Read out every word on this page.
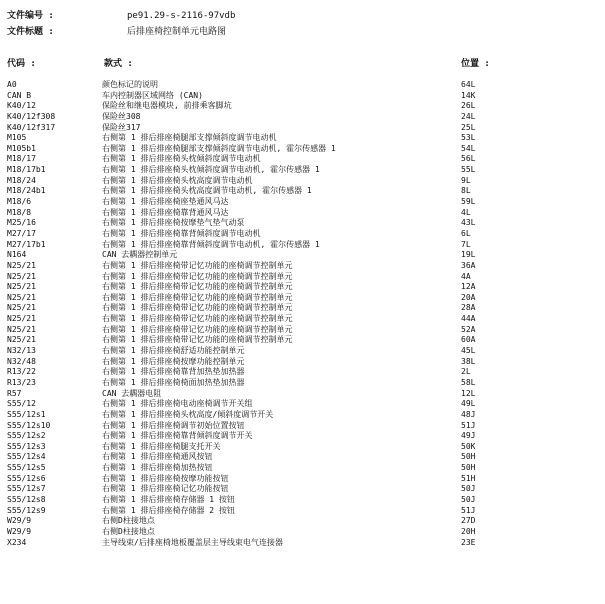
文件编号 :	pe91.29-s-2116-97vdb
文件标题 :	后排座椅控制单元电路图
代码 :	款式 :	位置 :
A0	颜色标记的说明	64L
CAN B	车内控制器区域网络 (CAN)	14K
K40/12	保险丝和继电器模块, 前排乘客脚坑	26L
K40/12f308	保险丝308	24L
K40/12f317	保险丝317	25L
M105	右侧第 1 排后排座椅腿部支撑倾斜度调节电动机	53L
M105b1	右侧第 1 排后排座椅腿部支撑倾斜度调节电动机, 霍尔传感器 1	54L
M18/17	右侧第 1 排后排座椅头枕倾斜度调节电动机	56L
M18/17b1	右侧第 1 排后排座椅头枕倾斜度调节电动机, 霍尔传感器 1	55L
M18/24	右侧第 1 排后排座椅头枕高度调节电动机	9L
M18/24b1	右侧第 1 排后排座椅头枕高度调节电动机, 霍尔传感器 1	8L
M18/6	右侧第 1 排后排座椅座垫通风马达	59L
M18/8	右侧第 1 排后排座椅靠背通风马达	4L
M25/16	右侧第 1 排后排座椅按摩垫气垫气动泵	43L
M27/17	右侧第 1 排后排座椅靠背倾斜度调节电动机	6L
M27/17b1	右侧第 1 排后排座椅靠背倾斜度调节电动机, 霍尔传感器 1	7L
N164	CAN 去耦器控制单元	19L
N25/21	右侧第 1 排后排座椅带记忆功能的座椅调节控制单元	36A
N25/21	右侧第 1 排后排座椅带记忆功能的座椅调节控制单元	4A
N25/21	右侧第 1 排后排座椅带记忆功能的座椅调节控制单元	12A
N25/21	右侧第 1 排后排座椅带记忆功能的座椅调节控制单元	20A
N25/21	右侧第 1 排后排座椅带记忆功能的座椅调节控制单元	28A
N25/21	右侧第 1 排后排座椅带记忆功能的座椅调节控制单元	44A
N25/21	右侧第 1 排后排座椅带记忆功能的座椅调节控制单元	52A
N25/21	右侧第 1 排后排座椅带记忆功能的座椅调节控制单元	60A
N32/13	右侧第 1 排后排座椅舒适功能控制单元	45L
N32/48	右侧第 1 排后排座椅按摩功能控制单元	38L
R13/22	右侧第 1 排后排座椅靠背加热垫加热器	2L
R13/23	右侧第 1 排后排座椅椅面加热垫加热器	58L
R57	CAN 去耦器电阻	12L
S55/12	右侧第 1 排后排座椅电动座椅调节开关组	49L
S55/12s1	右侧第 1 排后排座椅头枕高度/倾斜度调节开关	48J
S55/12s10	右侧第 1 排后排座椅调节初始位置按钮	51J
S55/12s2	右侧第 1 排后排座椅靠背倾斜度调节开关	49J
S55/12s3	右侧第 1 排后排座椅腿支托开关	50K
S55/12s4	右侧第 1 排后排座椅通风按钮	50H
S55/12s5	右侧第 1 排后排座椅加热按钮	50H
S55/12s6	右侧第 1 排后排座椅按摩功能按钮	51H
S55/12s7	右侧第 1 排后排座椅记忆功能按钮	50J
S55/12s8	右侧第 1 排后排座椅存储器 1 按钮	50J
S55/12s9	右侧第 1 排后排座椅存储器 2 按钮	51J
W29/9	右侧D柱接地点	27D
W29/9	右侧D柱接地点	20H
X234	主导线束/后排座椅地板覆盖层主导线束电气连接器	23E
